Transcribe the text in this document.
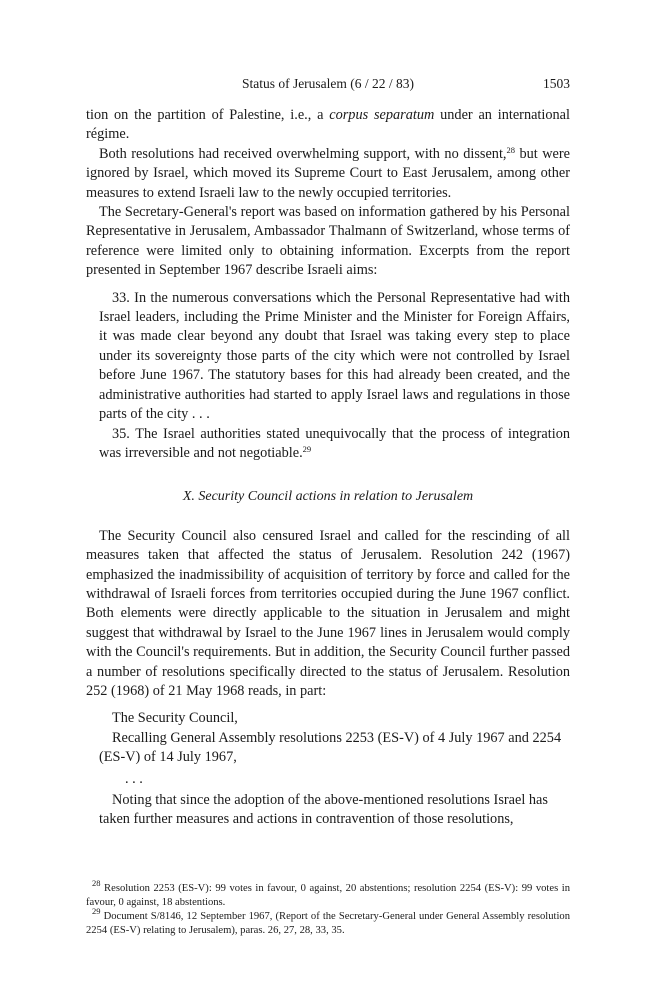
Status of Jerusalem (6 / 22 / 83)	1503

tion on the partition of Palestine, i.e., a corpus separatum under an international régime.

Both resolutions had received overwhelming support, with no dissent,$^{28}$ but were ignored by Israel, which moved its Supreme Court to East Jerusalem, among other measures to extend Israeli law to the newly occupied territories.

The Secretary-General's report was based on information gathered by his Personal Representative in Jerusalem, Ambassador Thalmann of Switzerland, whose terms of reference were limited only to obtaining information. Excerpts from the report presented in September 1967 describe Israeli aims:

33. In the numerous conversations which the Personal Representative had with Israel leaders, including the Prime Minister and the Minister for Foreign Affairs, it was made clear beyond any doubt that Israel was taking every step to place under its sovereignty those parts of the city which were not controlled by Israel before June 1967. The statutory bases for this had already been created, and the administrative authorities had started to apply Israel laws and regulations in those parts of the city . . .

35. The Israel authorities stated unequivocally that the process of integration was irreversible and not negotiable.$^{29}$

X. Security Council actions in relation to Jerusalem

The Security Council also censured Israel and called for the rescinding of all measures taken that affected the status of Jerusalem. Resolution 242 (1967) emphasized the inadmissibility of acquisition of territory by force and called for the withdrawal of Israeli forces from territories occupied during the June 1967 conflict. Both elements were directly applicable to the situation in Jerusalem and might suggest that withdrawal by Israel to the June 1967 lines in Jerusalem would comply with the Council's requirements. But in addition, the Security Council further passed a number of resolutions specifically directed to the status of Jerusalem. Resolution 252 (1968) of 21 May 1968 reads, in part:

The Security Council,

Recalling General Assembly resolutions 2253 (ES-V) of 4 July 1967 and 2254 (ES-V) of 14 July 1967,

. . .

Noting that since the adoption of the above-mentioned resolutions Israel has taken further measures and actions in contravention of those resolutions,

$^{28}$ Resolution 2253 (ES-V): 99 votes in favour, 0 against, 20 abstentions; resolution 2254 (ES-V): 99 votes in favour, 0 against, 18 abstentions.

$^{29}$ Document S/8146, 12 September 1967, (Report of the Secretary-General under General Assembly resolution 2254 (ES-V) relating to Jerusalem), paras. 26, 27, 28, 33, 35.
